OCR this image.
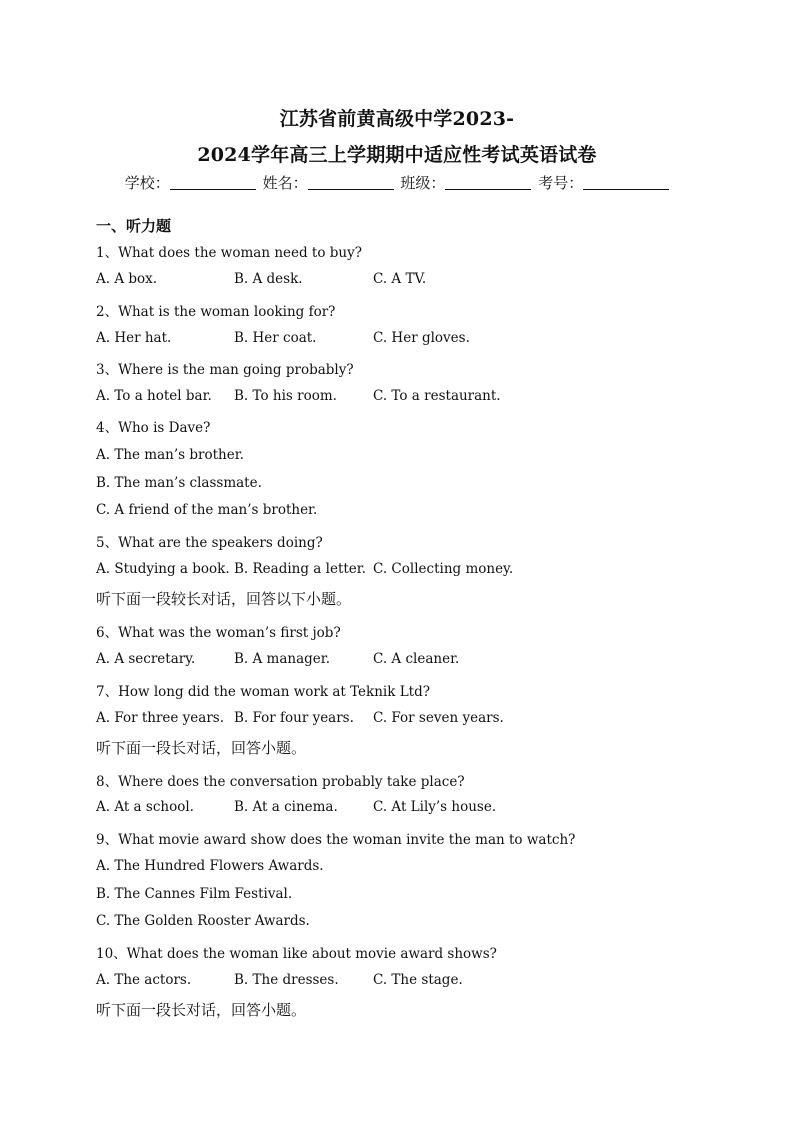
江苏省前黄高级中学2023-
2024学年高三上学期期中适应性考试英语试卷
学校：	姓名：	班级：	考号：
一、听力题
1、What does the woman need to buy?
A. A box.	B. A desk.	C. A TV.
2、What is the woman looking for?
A. Her hat.	B. Her coat.	C. Her gloves.
3、Where is the man going probably?
A. To a hotel bar. B. To his room.	C. To a restaurant.
4、Who is Dave?
A. The man’s brother.
B. The man’s classmate.
C. A friend of the man’s brother.
5、What are the speakers doing?
A. Studying a book. B. Reading a letter. C. Collecting money.
听下面一段较长对话，回答以下小题。
6、What was the woman’s first job?
A. A secretary.	B. A manager.	C. A cleaner.
7、How long did the woman work at Teknik Ltd?
A. For three years. B. For four years. C. For seven years.
听下面一段长对话，回答小题。
8、Where does the conversation probably take place?
A. At a school.	B. At a cinema.	C. At Lily’s house.
9、What movie award show does the woman invite the man to watch?
A. The Hundred Flowers Awards.
B. The Cannes Film Festival.
C. The Golden Rooster Awards.
10、What does the woman like about movie award shows?
A. The actors.	B. The dresses.	C. The stage.
听下面一段长对话，回答小题。
